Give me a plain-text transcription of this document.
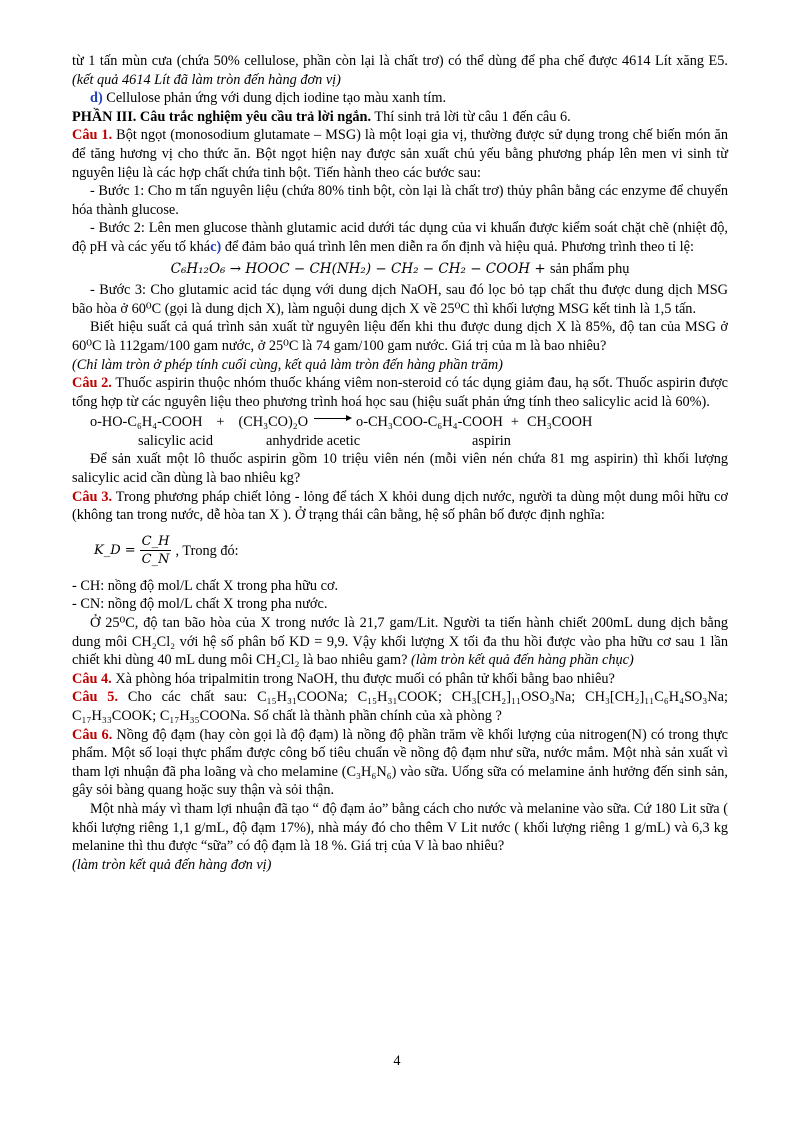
từ 1 tấn mùn cưa (chứa 50% cellulose, phần còn lại là chất trơ) có thể dùng để pha chế được 4614 Lít xăng E5. (kết quả 4614 Lít đã làm tròn đến hàng đơn vị)

d) Cellulose phản ứng với dung dịch iodine tạo màu xanh tím.

PHẦN III. Câu trắc nghiệm yêu cầu trả lời ngắn. Thí sinh trả lời từ câu 1 đến câu 6.

Câu 1. Bột ngọt (monosodium glutamate – MSG) là một loại gia vị, thường được sử dụng trong chế biến món ăn để tăng hương vị cho thức ăn. Bột ngọt hiện nay được sản xuất chủ yếu bằng phương pháp lên men vi sinh từ nguyên liệu là các hợp chất chứa tinh bột. Tiến hành theo các bước sau:

- Bước 1: Cho m tấn nguyên liệu (chứa 80% tinh bột, còn lại là chất trơ) thủy phân bằng các enzyme để chuyển hóa thành glucose.

- Bước 2: Lên men glucose thành glutamic acid dưới tác dụng của vi khuẩn được kiểm soát chặt chẽ (nhiệt độ, độ pH và các yếu tố khác) để đảm bảo quá trình lên men diễn ra ổn định và hiệu quả. Phương trình theo tỉ lệ:

C₆H₁₂O₆ → HOOC − CH(NH₂) − CH₂ − CH₂ − COOH + sản phẩm phụ

- Bước 3: Cho glutamic acid tác dụng với dung dịch NaOH, sau đó lọc bỏ tạp chất thu được dung dịch MSG bão hòa ở 60⁰C (gọi là dung dịch X), làm nguội dung dịch X về 25⁰C thì khối lượng MSG kết tinh là 1,5 tấn.

Biết hiệu suất cả quá trình sản xuất từ nguyên liệu đến khi thu được dung dịch X là 85%, độ tan của MSG ở 60⁰C là 112gam/100 gam nước, ở 25⁰C là 74 gam/100 gam nước. Giá trị của m là bao nhiêu?

(Chỉ làm tròn ở phép tính cuối cùng, kết quả làm tròn đến hàng phần trăm)

Câu 2. Thuốc aspirin thuộc nhóm thuốc kháng viêm non-steroid có tác dụng giảm đau, hạ sốt. Thuốc aspirin được tổng hợp từ các nguyên liệu theo phương trình hoá học sau (hiệu suất phản ứng tính theo salicylic acid là 60%).

o-HO-C₆H₄-COOH + (CH₃CO)₂O	o-CH₃COO-C₆H₄-COOH + CH₃COOH
salicylic acid	anhydride acetic	aspirin

Để sản xuất một lô thuốc aspirin gồm 10 triệu viên nén (mỗi viên nén chứa 81 mg aspirin) thì khối lượng salicylic acid cần dùng là bao nhiêu kg?

Câu 3. Trong phương pháp chiết lỏng - lỏng để tách X khỏi dung dịch nước, người ta dùng một dung môi hữu cơ (không tan trong nước, dễ hòa tan X ). Ở trạng thái cân bằng, hệ số phân bố được định nghĩa:

K_D = $\frac{C\_H}{C\_N}$ , Trong đó:

- CH: nồng độ mol/L chất X trong pha hữu cơ.

- CN: nồng độ mol/L chất X trong pha nước.

Ở 25⁰C, độ tan bão hòa của X trong nước là 21,7 gam/Lit. Người ta tiến hành chiết 200mL dung dịch bằng dung môi CH₂Cl₂ với hệ số phân bố KD = 9,9. Vậy khối lượng X tối đa thu hồi được vào pha hữu cơ sau 1 lần chiết khi dùng 40 mL dung môi CH₂Cl₂ là bao nhiêu gam? (làm tròn kết quả đến hàng phần chục)

Câu 4. Xà phòng hóa tripalmitin trong NaOH, thu được muối có phân tử khối bằng bao nhiêu?

Câu 5. Cho các chất sau: C₁₅H₃₁COONa; C₁₅H₃₁COOK; CH₃[CH₂]₁₁OSO₃Na; CH₃[CH₂]₁₁C₆H₄SO₃Na; C₁₇H₃₃COOK; C₁₇H₃₅COONa. Số chất là thành phần chính của xà phòng ?

Câu 6. Nồng độ đạm (hay còn gọi là độ đạm) là nồng độ phần trăm về khối lượng của nitrogen(N) có trong thực phẩm. Một số loại thực phẩm được công bố tiêu chuẩn về nồng độ đạm như sữa, nước mắm. Một nhà sản xuất vì tham lợi nhuận đã pha loãng và cho melamine (C₃H₆N₆) vào sữa. Uống sữa có melamine ảnh hưởng đến sinh sản, gây sỏi bàng quang hoặc suy thận và sỏi thận.

Một nhà máy vì tham lợi nhuận đã tạo “ độ đạm ảo” bằng cách cho nước và melanine vào sữa. Cứ 180 Lit sữa ( khối lượng riêng 1,1 g/mL, độ đạm 17%), nhà máy đó cho thêm V Lit nước ( khối lượng riêng 1 g/mL) và 6,3 kg melanine thì thu được “sữa” có độ đạm là 18 %. Giá trị của V là bao nhiêu?

(làm tròn kết quả đến hàng đơn vị)

4
